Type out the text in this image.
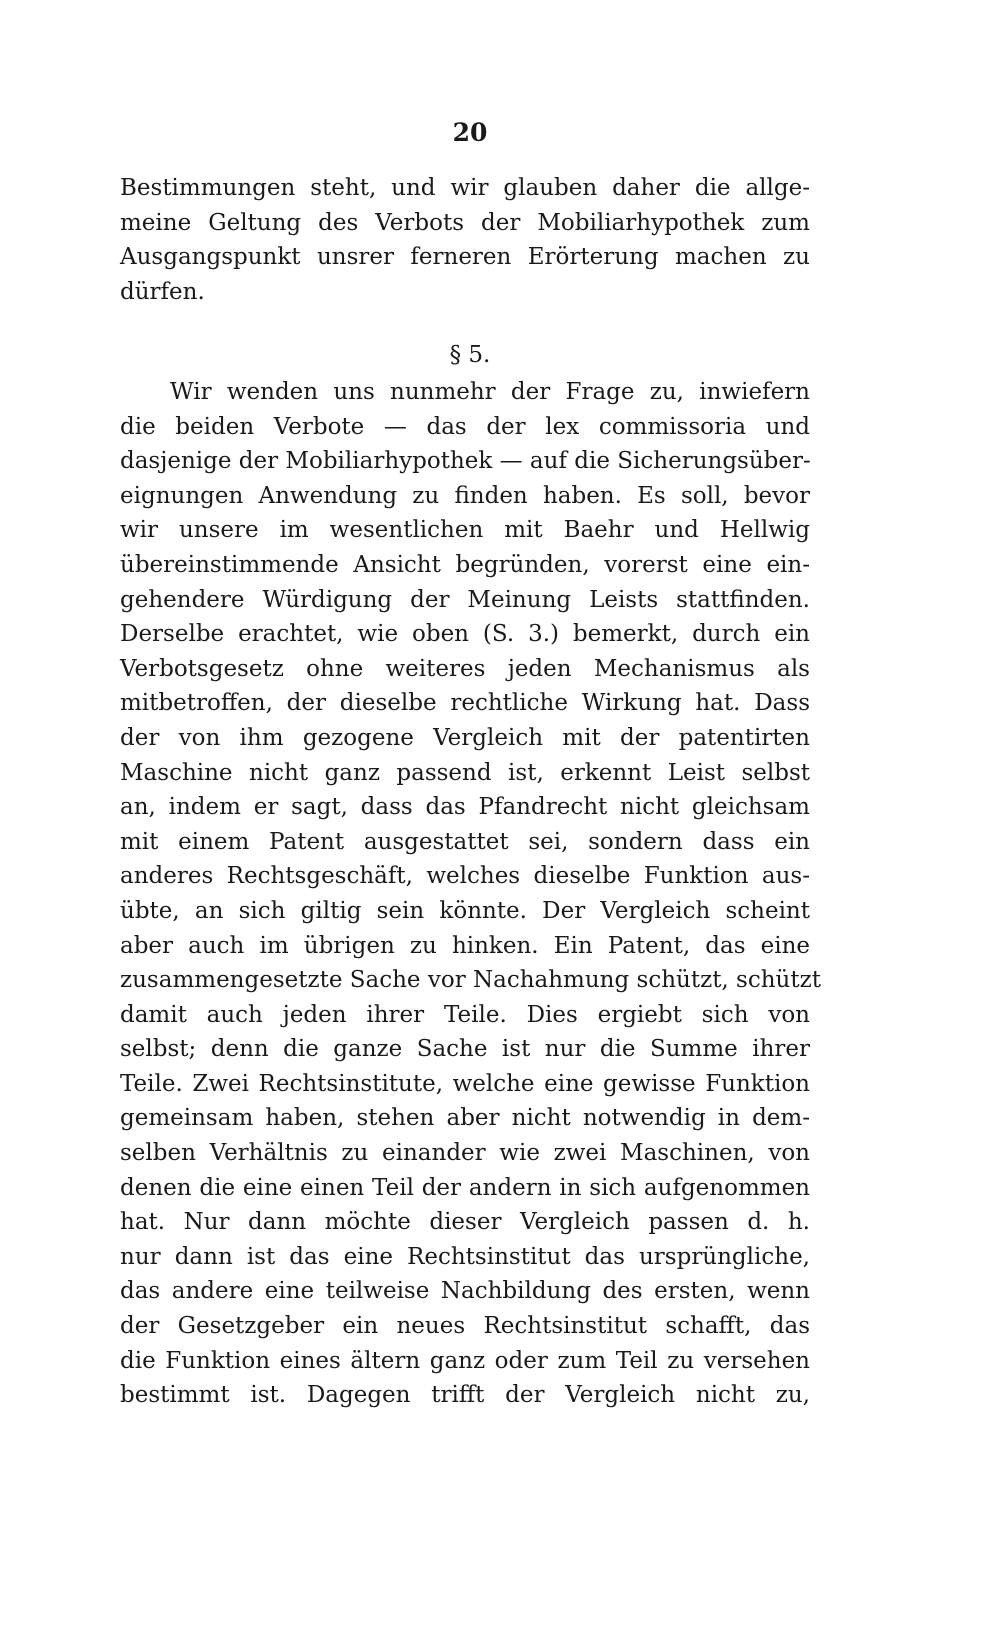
20
Bestimmungen steht, und wir glauben daher die allge-
meine Geltung des Verbots der Mobiliarhypothek zum
Ausgangspunkt unsrer ferneren Erörterung machen zu
dürfen.
§ 5.
Wir wenden uns nunmehr der Frage zu, inwiefern
die beiden Verbote — das der lex commissoria und
dasjenige der Mobiliarhypothek — auf die Sicherungsüber-
eignungen Anwendung zu finden haben. Es soll, bevor
wir unsere im wesentlichen mit Baehr und Hellwig
übereinstimmende Ansicht begründen, vorerst eine ein-
gehendere Würdigung der Meinung Leists stattfinden.
Derselbe erachtet, wie oben (S. 3.) bemerkt, durch ein
Verbotsgesetz ohne weiteres jeden Mechanismus als
mitbetroffen, der dieselbe rechtliche Wirkung hat. Dass
der von ihm gezogene Vergleich mit der patentirten
Maschine nicht ganz passend ist, erkennt Leist selbst
an, indem er sagt, dass das Pfandrecht nicht gleichsam
mit einem Patent ausgestattet sei, sondern dass ein
anderes Rechtsgeschäft, welches dieselbe Funktion aus-
übte, an sich giltig sein könnte. Der Vergleich scheint
aber auch im übrigen zu hinken. Ein Patent, das eine
zusammengesetzte Sache vor Nachahmung schützt, schützt
damit auch jeden ihrer Teile. Dies ergiebt sich von
selbst; denn die ganze Sache ist nur die Summe ihrer
Teile. Zwei Rechtsinstitute, welche eine gewisse Funktion
gemeinsam haben, stehen aber nicht notwendig in dem-
selben Verhältnis zu einander wie zwei Maschinen, von
denen die eine einen Teil der andern in sich aufgenommen
hat. Nur dann möchte dieser Vergleich passen d. h.
nur dann ist das eine Rechtsinstitut das ursprüngliche,
das andere eine teilweise Nachbildung des ersten, wenn
der Gesetzgeber ein neues Rechtsinstitut schafft, das
die Funktion eines ältern ganz oder zum Teil zu versehen
bestimmt ist. Dagegen trifft der Vergleich nicht zu,
